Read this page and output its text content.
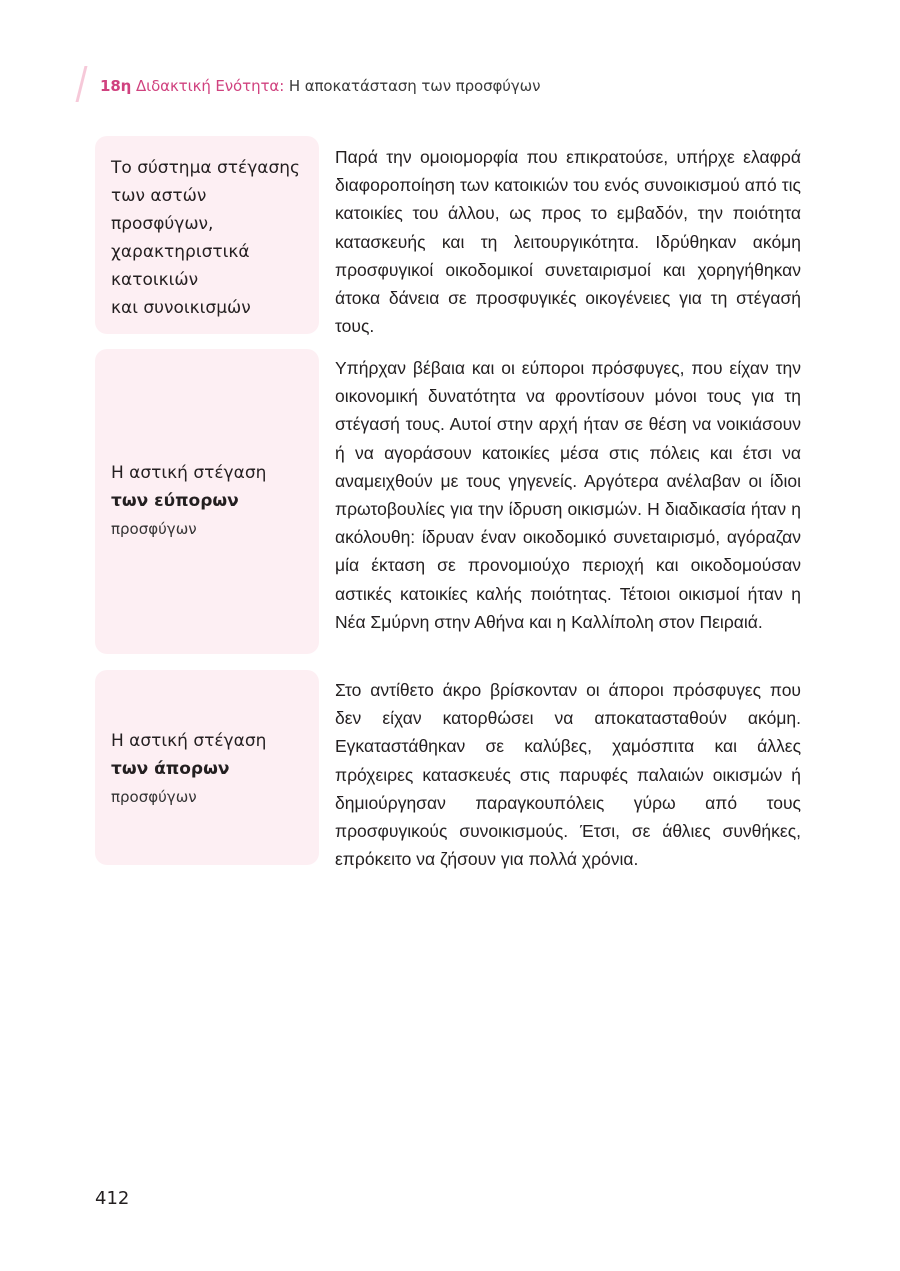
18η Διδακτική Ενότητα: Η αποκατάσταση των προσφύγων
Το σύστημα στέγασης
των αστών
προσφύγων,
χαρακτηριστικά
κατοικιών
και συνοικισμών

Παρά την ομοιομορφία που επικρατούσε, υπήρχε ελαφρά διαφοροποίηση των κατοικιών του ενός συνοικισμού από τις κατοικίες του άλλου, ως προς το εμβαδόν, την ποιότητα κατασκευής και τη λειτουργικότητα. Ιδρύθηκαν ακόμη προσφυγικοί οικοδομικοί συνεταιρισμοί και χορηγήθηκαν άτοκα δάνεια σε προσφυγικές οικογένειες για τη στέγασή τους.

Η αστική στέγαση
των εύπορων
προσφύγων

Υπήρχαν βέβαια και οι εύποροι πρόσφυγες, που είχαν την οικονομική δυνατότητα να φροντίσουν μόνοι τους για τη στέγασή τους. Αυτοί στην αρχή ήταν σε θέση να νοικιάσουν ή να αγοράσουν κατοικίες μέσα στις πόλεις και έτσι να αναμειχθούν με τους γηγενείς. Αργότερα ανέλαβαν οι ίδιοι πρωτοβουλίες για την ίδρυση οικισμών. Η διαδικασία ήταν η ακόλουθη: ίδρυαν έναν οικοδομικό συνεταιρισμό, αγόραζαν μία έκταση σε προνομιούχο περιοχή και οικοδομούσαν αστικές κατοικίες καλής ποιότητας. Τέτοιοι οικισμοί ήταν η Νέα Σμύρνη στην Αθήνα και η Καλλίπολη στον Πειραιά.

Η αστική στέγαση
των άπορων
προσφύγων

Στο αντίθετο άκρο βρίσκονταν οι άποροι πρόσφυγες που δεν είχαν κατορθώσει να αποκατασταθούν ακόμη. Εγκαταστάθηκαν σε καλύβες, χαμόσπιτα και άλλες πρόχειρες κατασκευές στις παρυφές παλαιών οικισμών ή δημιούργησαν παραγκουπόλεις γύρω από τους προσφυγικούς συνοικισμούς. Έτσι, σε άθλιες συνθήκες, επρόκειτο να ζήσουν για πολλά χρόνια.

412
